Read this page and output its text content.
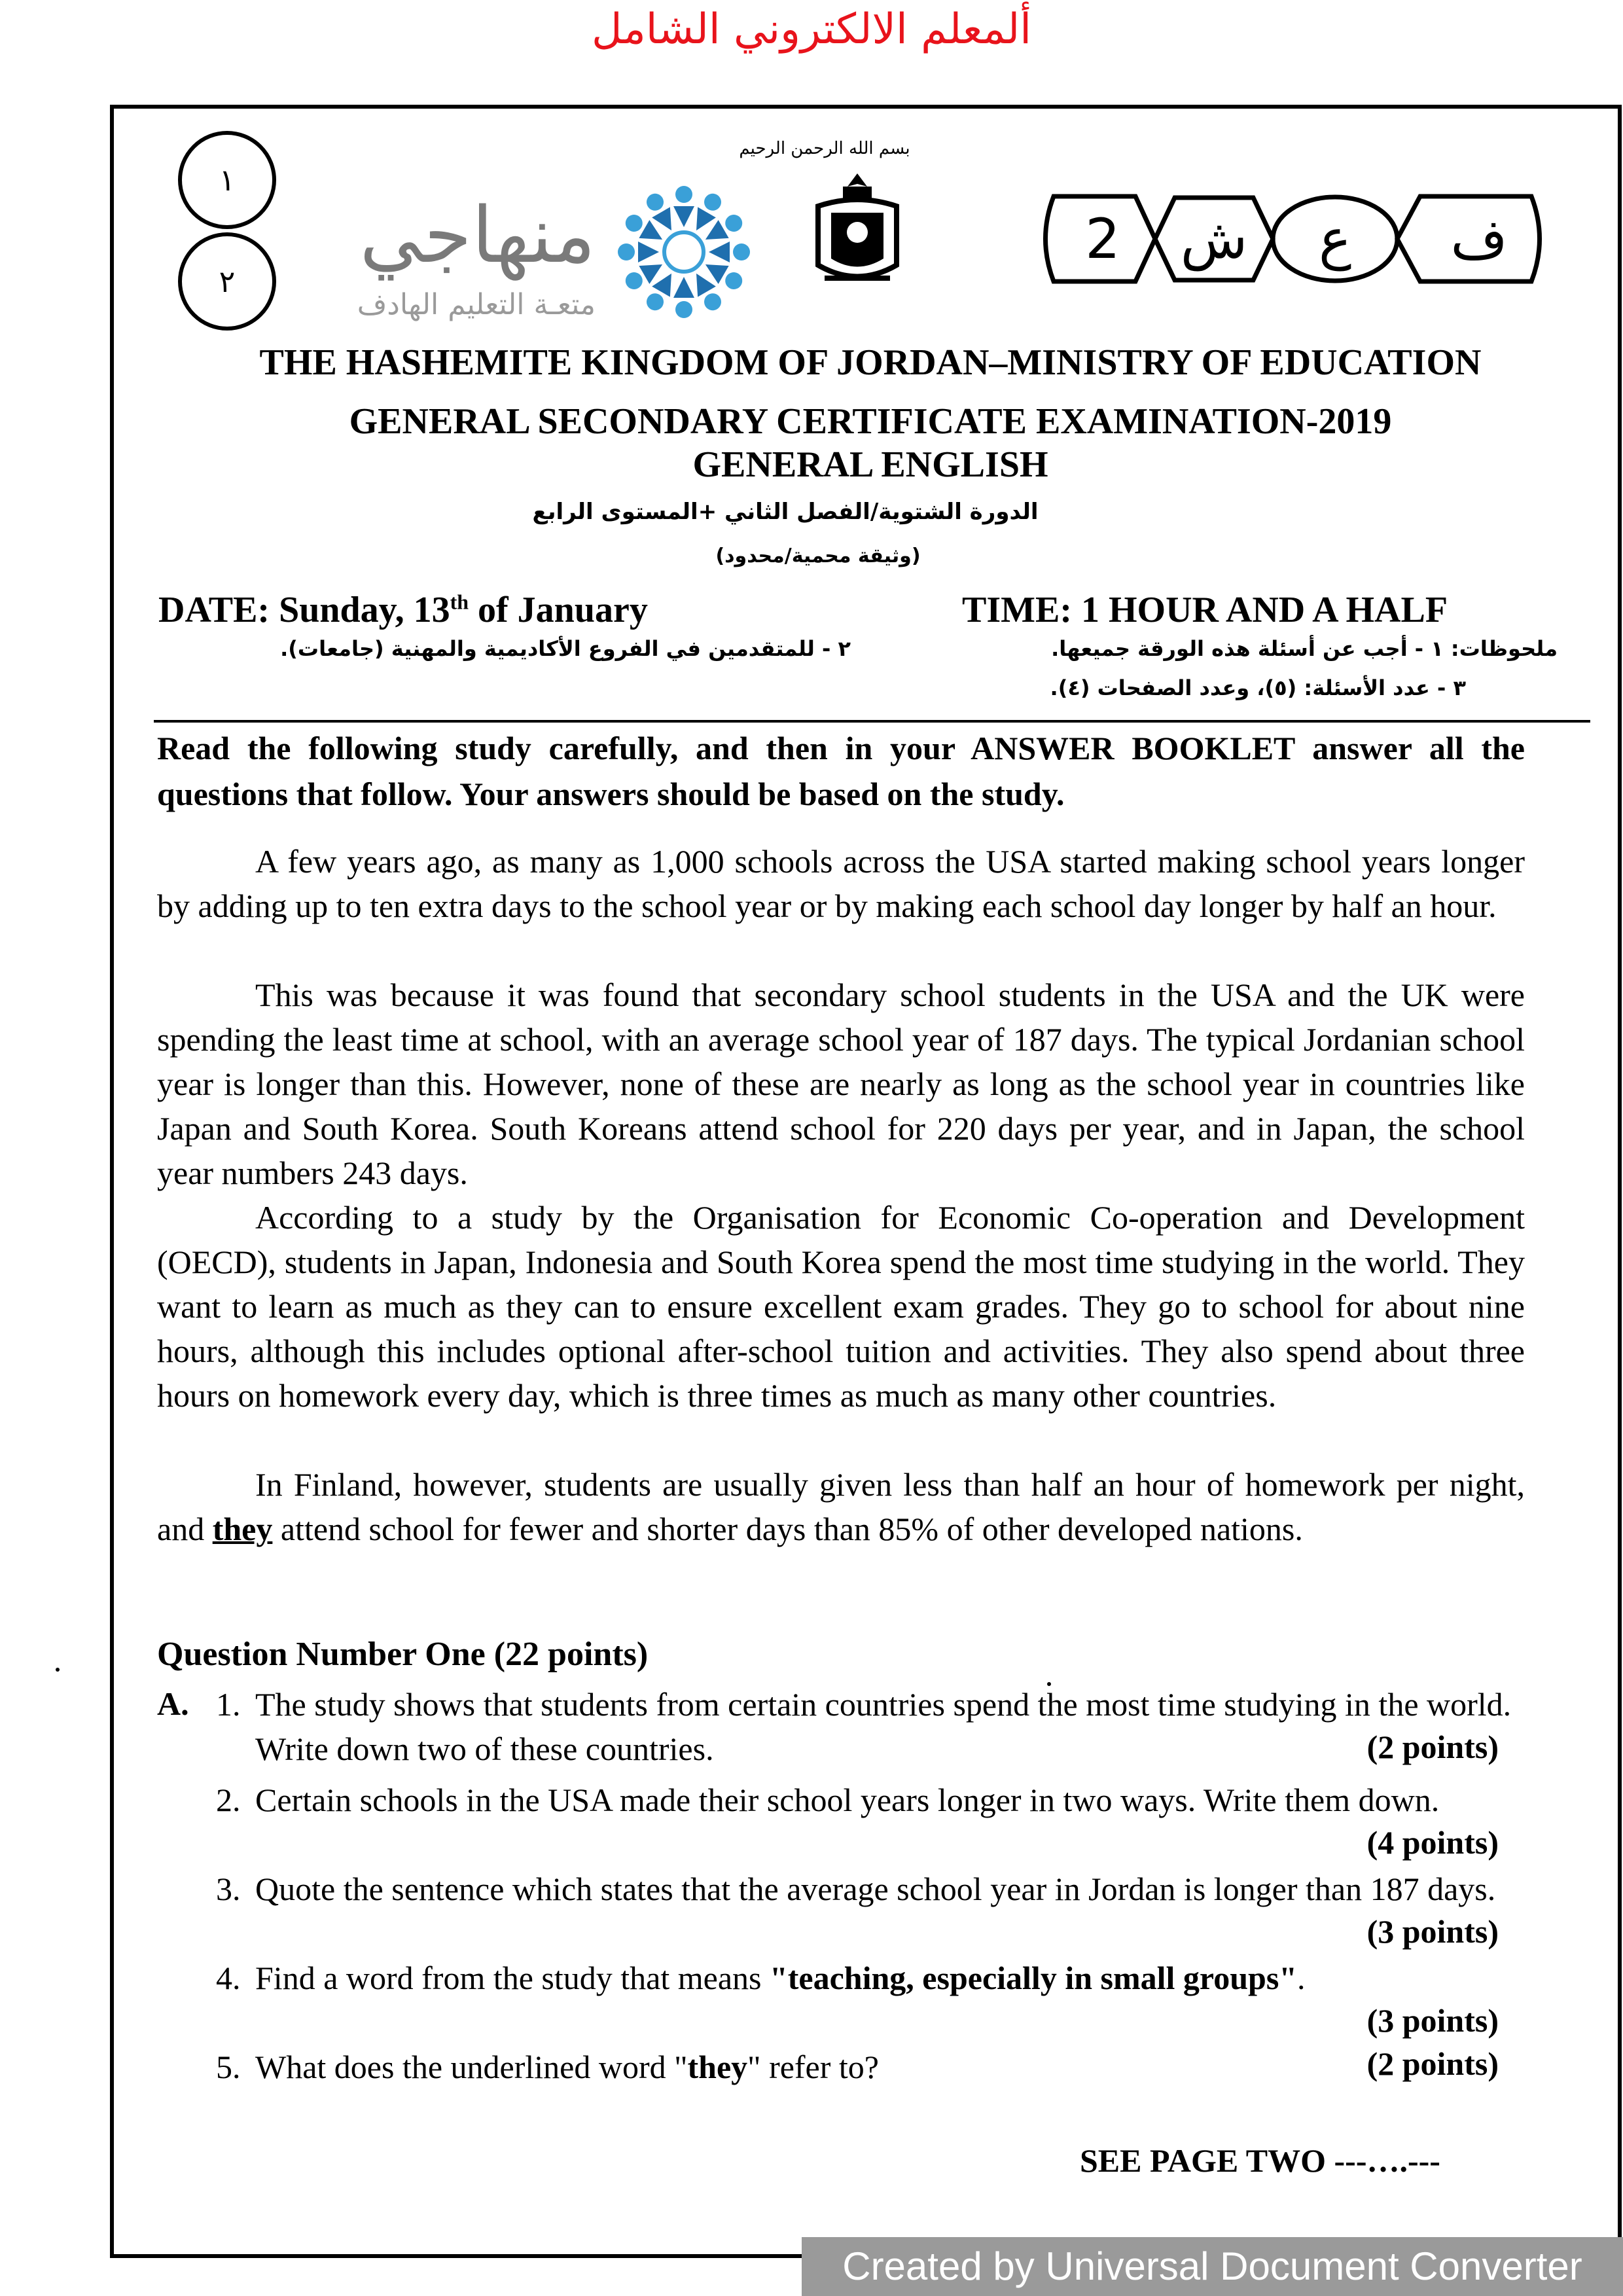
ألمعلم الالكتروني الشامل
١
٢
منهاجي
متعـة التعليم الهادف
بسم الله الرحمن الرحيم
2	ش	ع	ف
THE HASHEMITE KINGDOM OF JORDAN–MINISTRY OF EDUCATION
GENERAL SECONDARY CERTIFICATE EXAMINATION-2019
GENERAL ENGLISH
الدورة الشتوية/الفصل الثاني +المستوى الرابع
(وثيقة محمية/محدود)
DATE: Sunday, 13th of January	TIME: 1 HOUR AND A HALF
ملحوظات: ١ - أجب عن أسئلة هذه الورقة جميعها.
٢ - للمتقدمين في الفروع الأكاديمية والمهنية (جامعات).
٣ - عدد الأسئلة: (٥)، وعدد الصفحات (٤).
Read the following study carefully, and then in your ANSWER BOOKLET answer all the questions that follow. Your answers should be based on the study.

A few years ago, as many as 1,000 schools across the USA started making school years longer by adding up to ten extra days to the school year or by making each school day longer by half an hour.

This was because it was found that secondary school students in the USA and the UK were spending the least time at school, with an average school year of 187 days. The typical Jordanian school year is longer than this. However, none of these are nearly as long as the school year in countries like Japan and South Korea. South Koreans attend school for 220 days per year, and in Japan, the school year numbers 243 days.

According to a study by the Organisation for Economic Co-operation and Development (OECD), students in Japan, Indonesia and South Korea spend the most time studying in the world. They want to learn as much as they can to ensure excellent exam grades. They go to school for about nine hours, although this includes optional after-school tuition and activities. They also spend about three hours on homework every day, which is three times as much as many other countries.

In Finland, however, students are usually given less than half an hour of homework per night, and they attend school for fewer and shorter days than 85% of other developed nations.

Question Number One (22 points)
A. 1. The study shows that students from certain countries spend the most time studying in the world. Write down two of these countries.	(2 points)
2. Certain schools in the USA made their school years longer in two ways. Write them down.
(4 points)
3. Quote the sentence which states that the average school year in Jordan is longer than 187 days.
(3 points)
4. Find a word from the study that means "teaching, especially in small groups".
(3 points)
5. What does the underlined word "they" refer to?	(2 points)
SEE PAGE TWO ---….---
Created by Universal Document Converter
